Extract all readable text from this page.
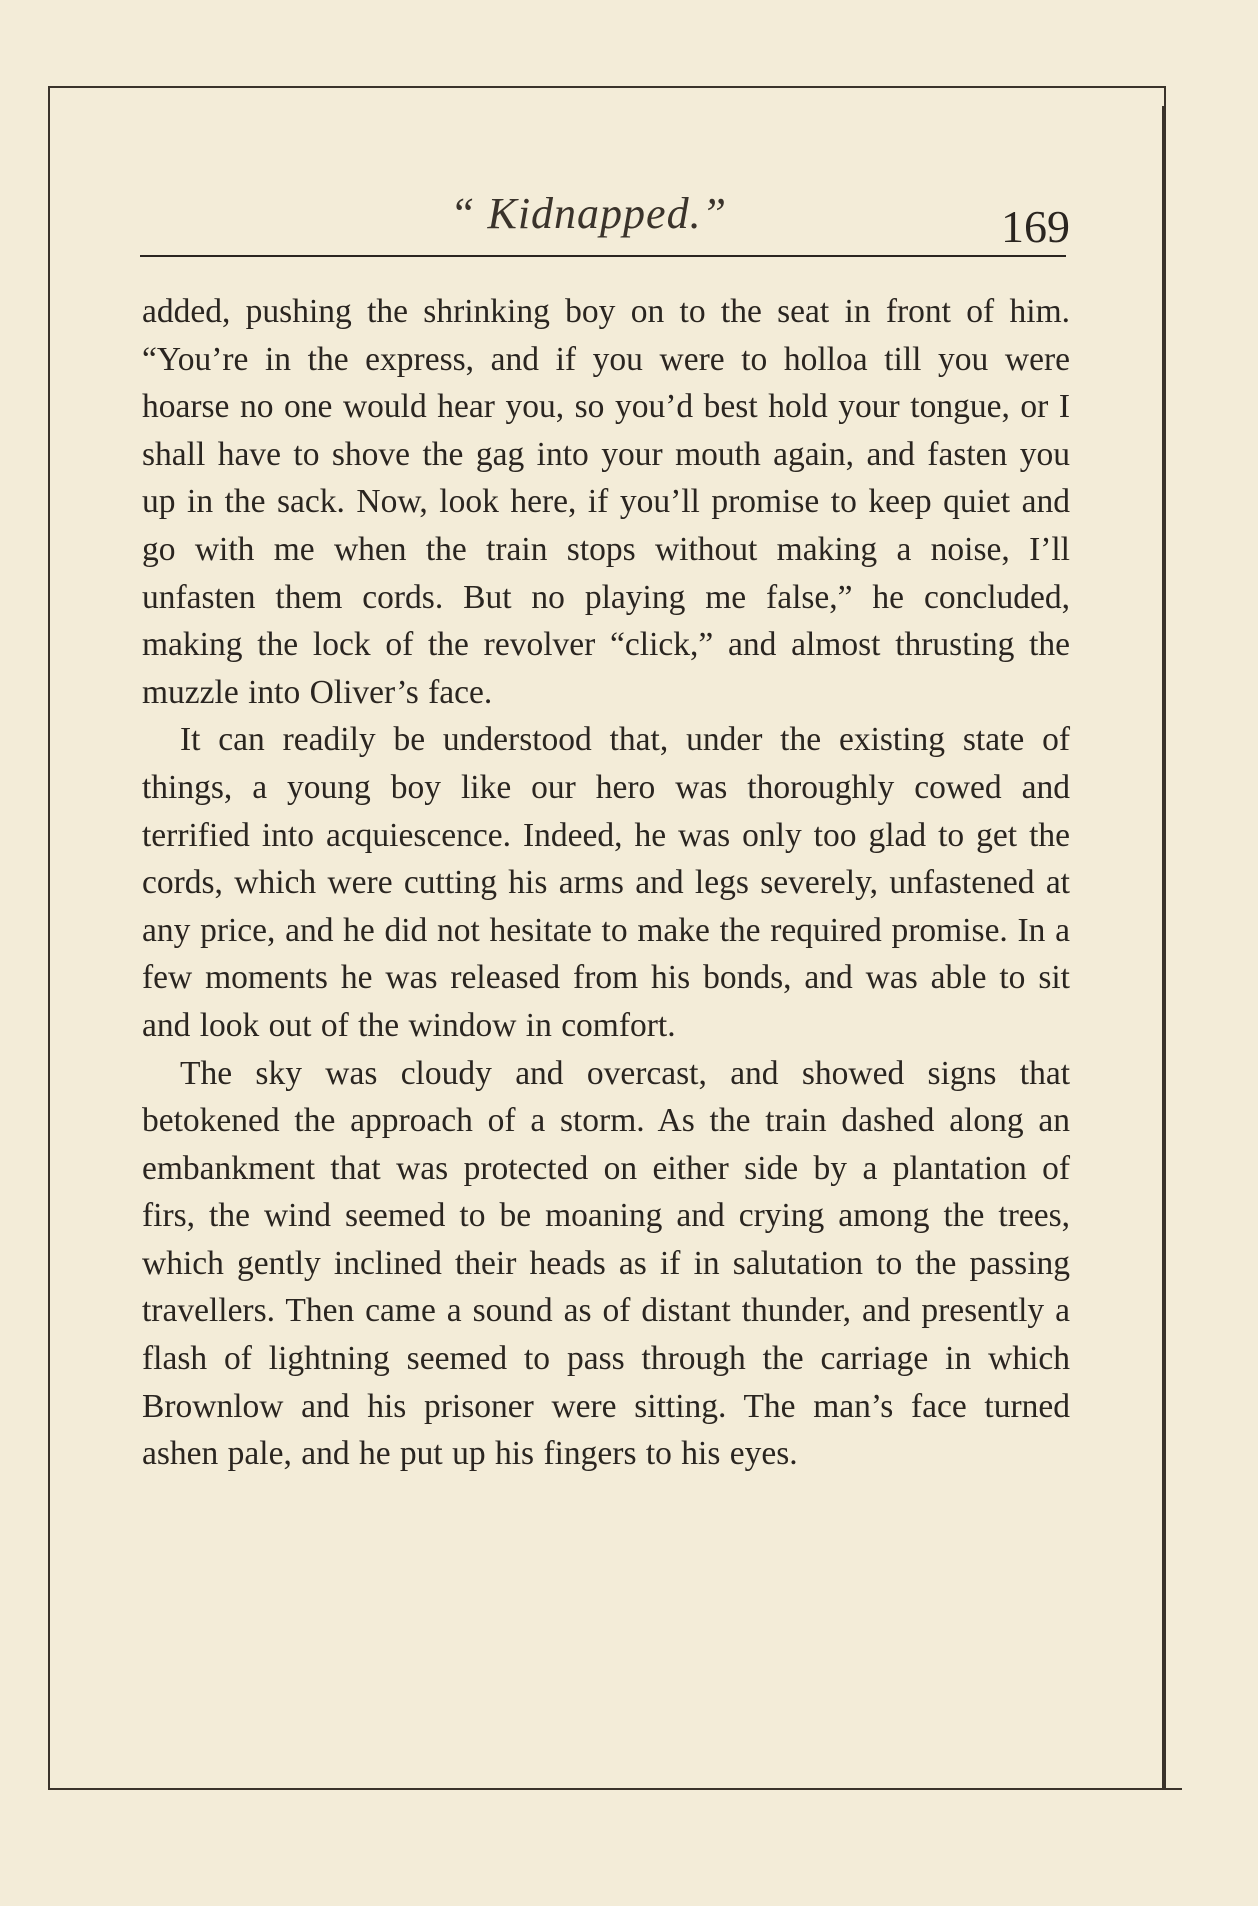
“ Kidnapped.”	169

added, pushing the shrinking boy on to the seat in front of him. “You’re in the express, and if you were to holloa till you were hoarse no one would hear you, so you’d best hold your tongue, or I shall have to shove the gag into your mouth again, and fasten you up in the sack. Now, look here, if you’ll promise to keep quiet and go with me when the train stops without making a noise, I’ll unfasten them cords. But no playing me false,” he concluded, making the lock of the revolver “click,” and almost thrusting the muzzle into Oliver’s face.

It can readily be understood that, under the existing state of things, a young boy like our hero was thoroughly cowed and terrified into acquiescence. Indeed, he was only too glad to get the cords, which were cutting his arms and legs severely, unfastened at any price, and he did not hesitate to make the required promise. In a few moments he was released from his bonds, and was able to sit and look out of the window in comfort.

The sky was cloudy and overcast, and showed signs that betokened the approach of a storm. As the train dashed along an embankment that was protected on either side by a plantation of firs, the wind seemed to be moaning and crying among the trees, which gently inclined their heads as if in salutation to the passing travellers. Then came a sound as of distant thunder, and presently a flash of lightning seemed to pass through the carriage in which Brownlow and his prisoner were sitting. The man’s face turned ashen pale, and he put up his fingers to his eyes.
